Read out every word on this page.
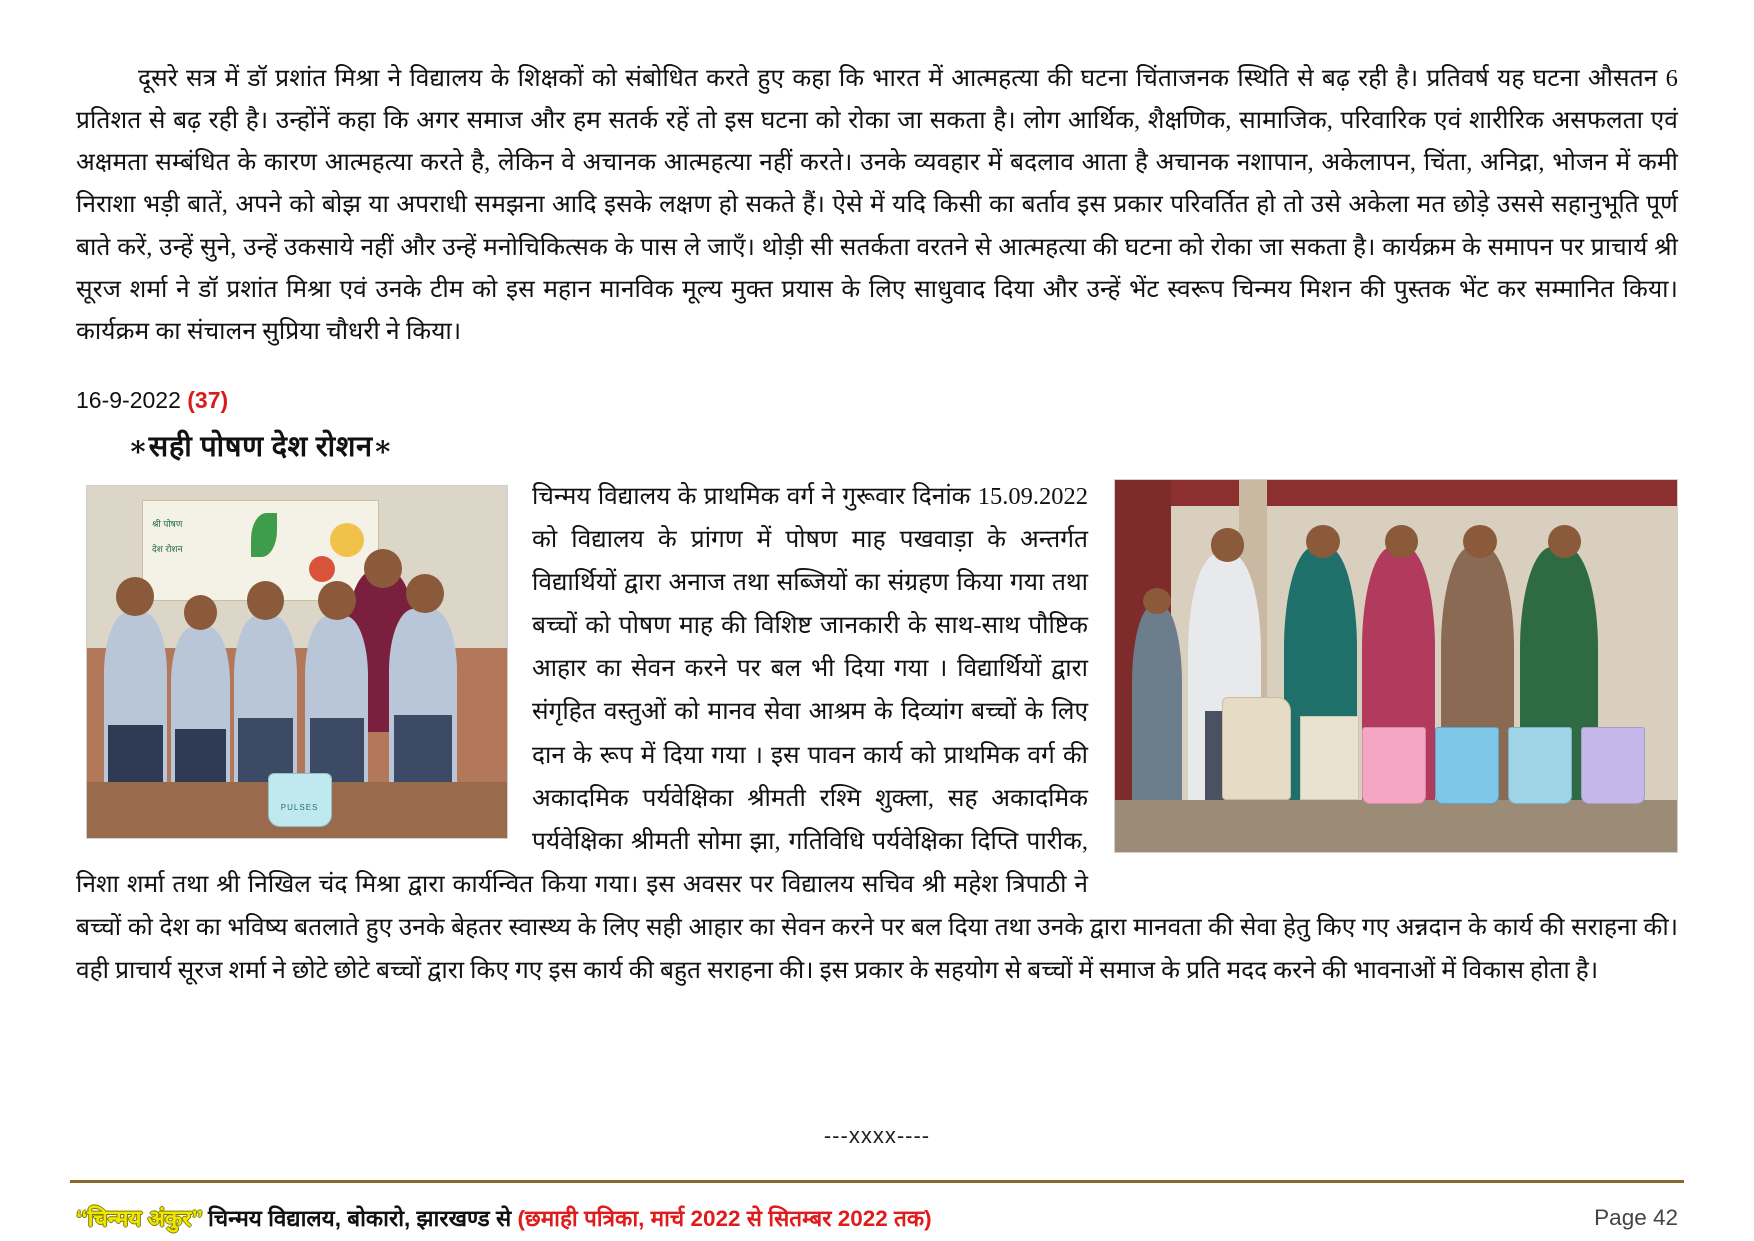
दूसरे सत्र में डॉ प्रशांत मिश्रा ने विद्यालय के शिक्षकों को संबोधित करते हुए कहा कि भारत में आत्महत्या की घटना चिंताजनक स्थिति से बढ़ रही है। प्रतिवर्ष यह घटना औसतन 6 प्रतिशत से बढ़ रही है। उन्होंनें कहा कि अगर समाज और हम सतर्क रहें तो इस घटना को रोका जा सकता है। लोग आर्थिक, शैक्षणिक, सामाजिक, परिवारिक एवं शारीरिक असफलता एवं अक्षमता सम्बंधित के कारण आत्महत्या करते है, लेकिन वे अचानक आत्महत्या नहीं करते। उनके व्यवहार में बदलाव आता है अचानक नशापान, अकेलापन, चिंता, अनिद्रा, भोजन में कमी निराशा भड़ी बातें, अपने को बोझ या अपराधी समझना आदि इसके लक्षण हो सकते हैं। ऐसे में यदि किसी का बर्ताव इस प्रकार परिवर्तित हो तो उसे अकेला मत छोड़े उससे सहानुभूति पूर्ण बाते करें, उन्हें सुने, उन्हें उकसाये नहीं और उन्हें मनोचिकित्सक के पास ले जाएँ। थोड़ी सी सतर्कता वरतने से आत्महत्या की घटना को रोका जा सकता है। कार्यक्रम के समापन पर प्राचार्य श्री सूरज शर्मा ने डॉ प्रशांत मिश्रा एवं उनके टीम को इस महान मानविक मूल्य मुक्त प्रयास के लिए साधुवाद दिया और उन्हें भेंट स्वरूप चिन्मय मिशन की पुस्तक भेंट कर सम्मानित किया। कार्यक्रम का संचालन सुप्रिया चौधरी ने किया।
16-9-2022 (37)
∗सही पोषण देश रोशन∗
श्री पोषण
देश रोशन
PULSES

चिन्मय विद्यालय के प्राथमिक वर्ग ने गुरूवार दिनांक 15.09.2022 को विद्यालय के प्रांगण में पोषण माह पखवाड़ा के अन्तर्गत विद्यार्थियों द्वारा अनाज तथा सब्जियों का संग्रहण किया गया तथा बच्चों को पोषण माह की विशिष्ट जानकारी के साथ-साथ पौष्टिक आहार का सेवन करने पर बल भी दिया गया । विद्यार्थियों द्वारा संगृहित वस्तुओं को मानव सेवा आश्रम के दिव्यांग बच्चों के लिए दान के रूप में दिया गया । इस पावन कार्य को प्राथमिक वर्ग की अकादमिक पर्यवेक्षिका श्रीमती रश्मि शुक्ला, सह अकादमिक पर्यवेक्षिका श्रीमती सोमा झा, गतिविधि पर्यवेक्षिका दिप्ति पारीक, निशा शर्मा तथा श्री निखिल चंद मिश्रा द्वारा कार्यन्वित किया गया। इस अवसर पर विद्यालय सचिव श्री महेश त्रिपाठी ने बच्चों को देश का भविष्य बतलाते हुए उनके बेहतर स्वास्थ्य के लिए सही आहार का सेवन करने पर बल दिया तथा उनके द्वारा मानवता की सेवा हेतु किए गए अन्नदान के कार्य की सराहना की। वही प्राचार्य सूरज शर्मा ने छोटे छोटे बच्चों द्वारा किए गए इस कार्य की बहुत सराहना की। इस प्रकार के सहयोग से बच्चों में समाज के प्रति मदद करने की भावनाओं में विकास होता है।

---xxxx----
‘‘चिन्मय अंकुर’’ चिन्मय विद्यालय, बोकारो, झारखण्ड से (छमाही पत्रिका, मार्च 2022 से सितम्बर 2022 तक)	Page 42
